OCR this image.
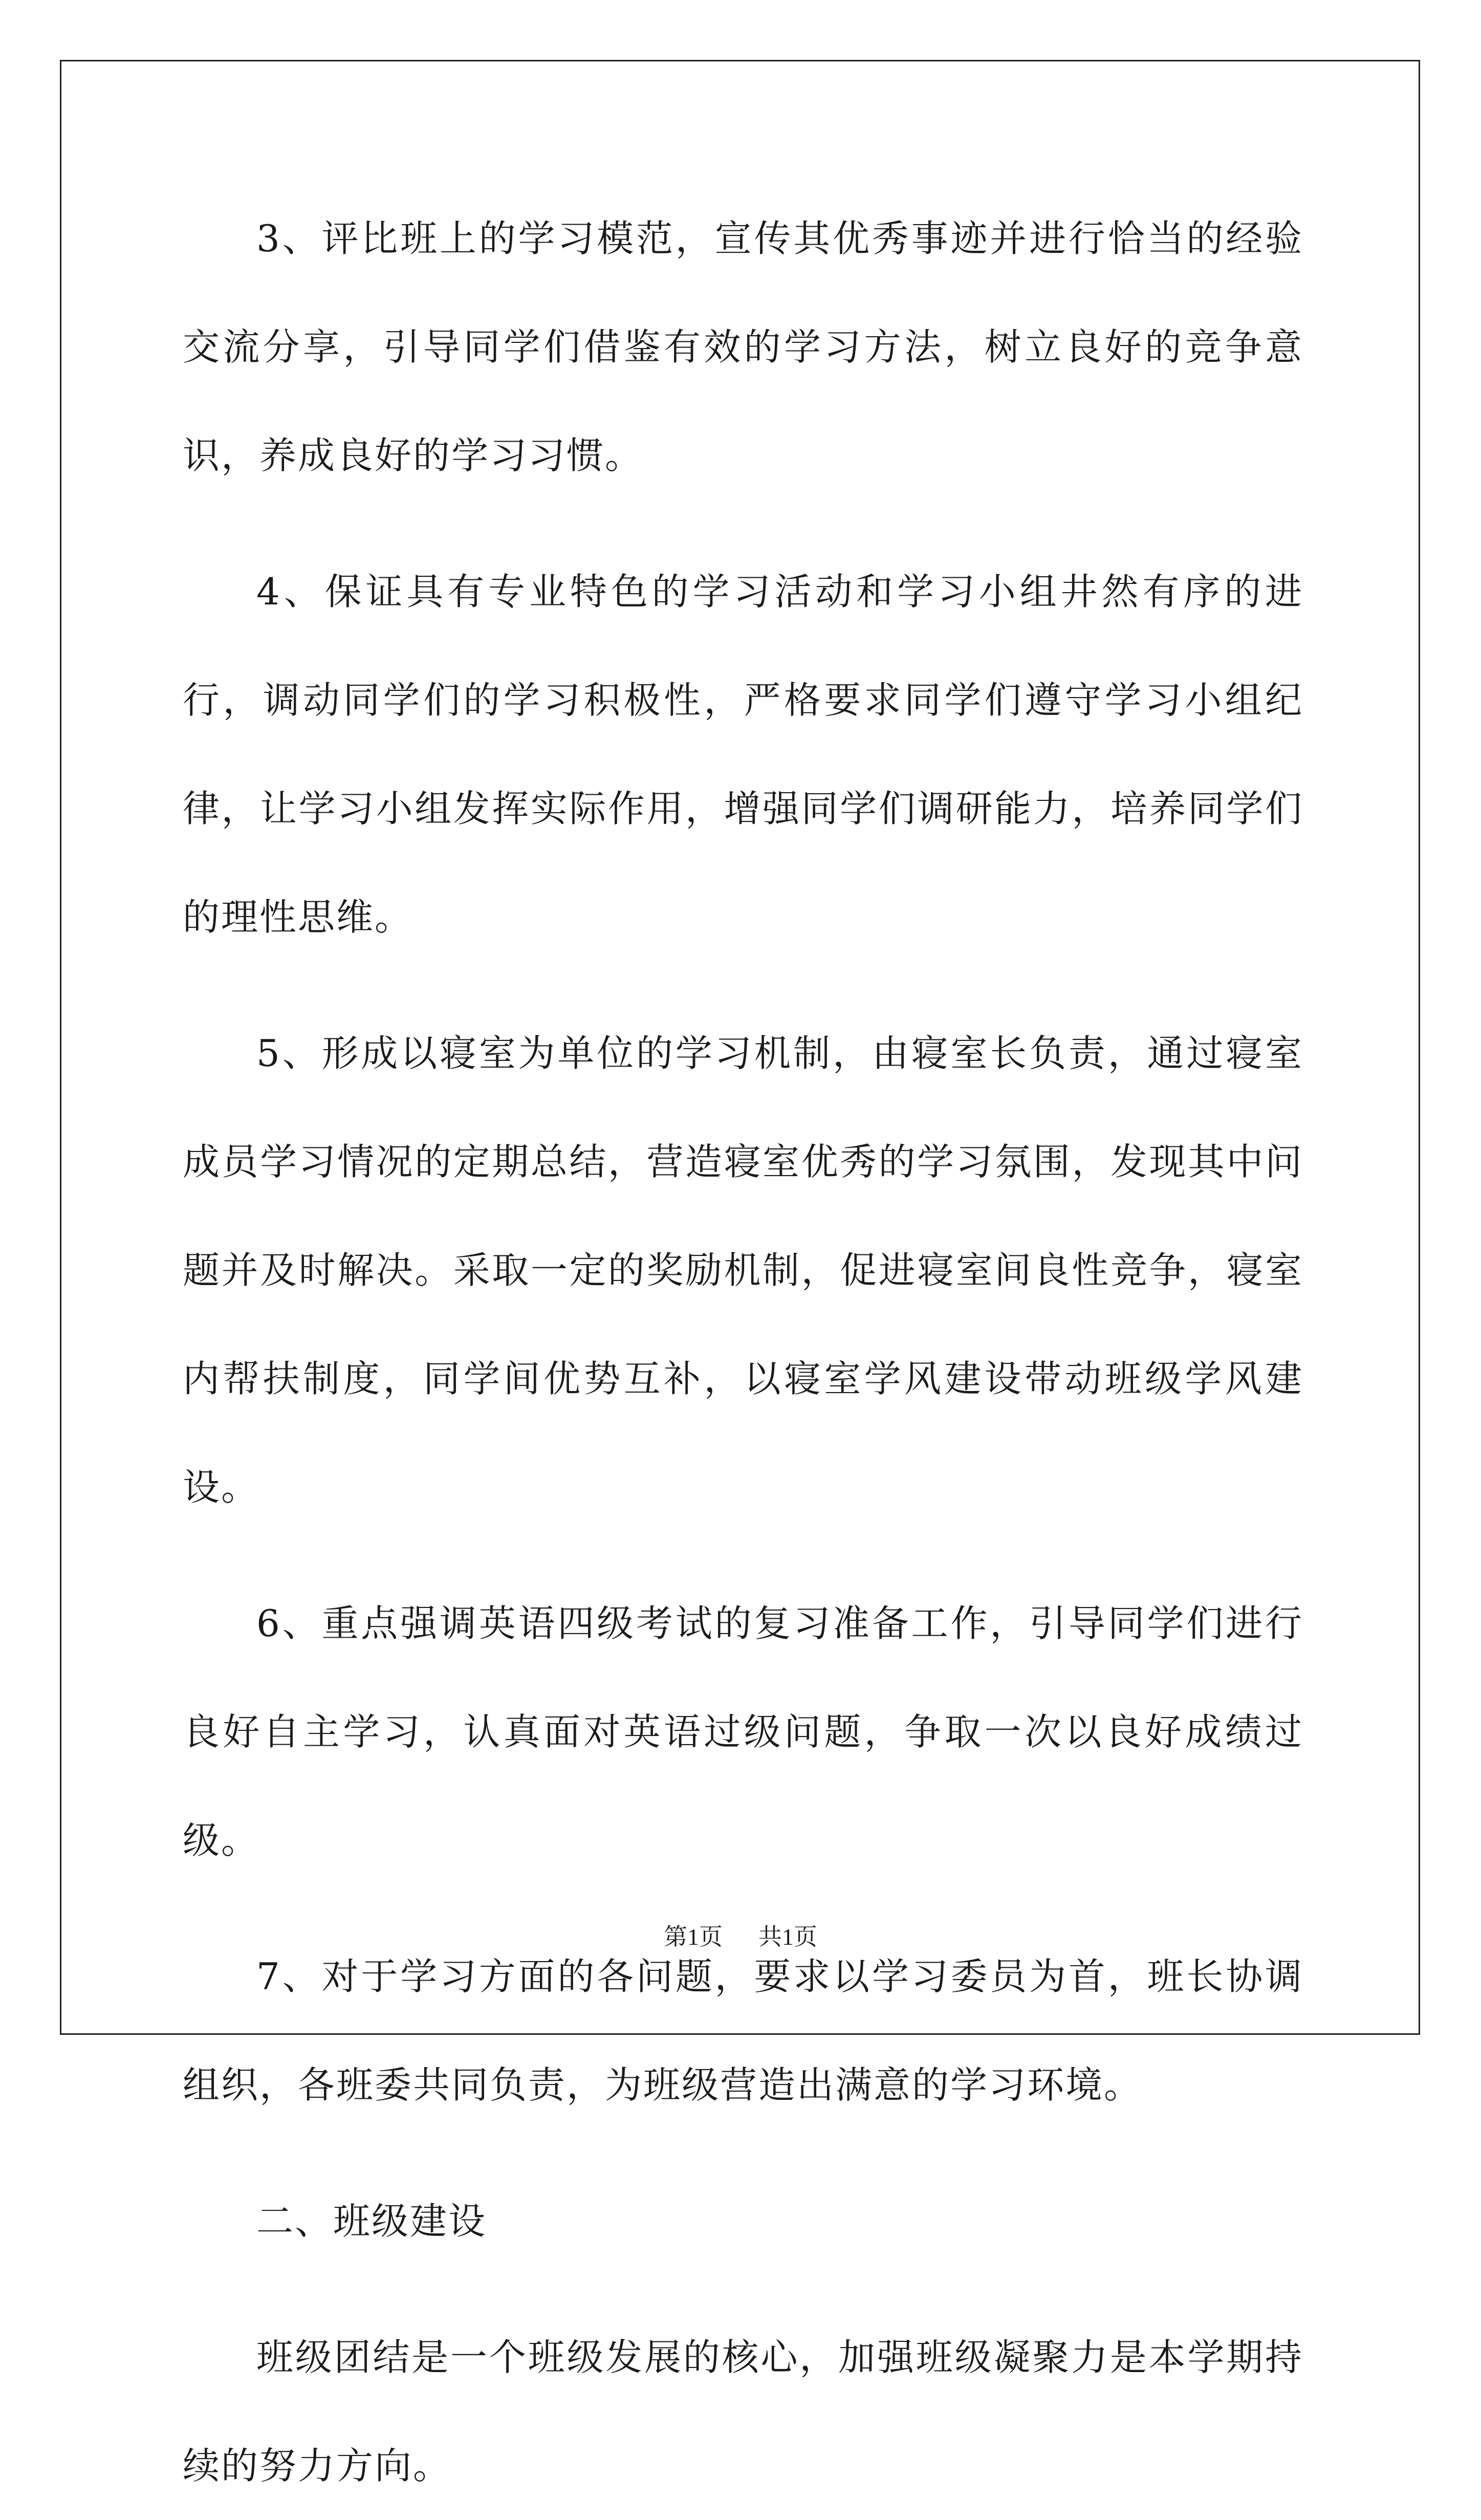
3、评比班上的学习模范，宣传其优秀事迹并进行恰当的经验交流分享，引导同学们借鉴有效的学习方法，树立良好的竞争意识，养成良好的学习习惯。

4、保证具有专业特色的学习活动和学习小组井然有序的进行，调动同学们的学习积极性，严格要求同学们遵守学习小组纪律，让学习小组发挥实际作用，增强同学们调研能力，培养同学们的理性思维。

5、形成以寝室为单位的学习机制，由寝室长负责，通过寝室成员学习情况的定期总结，营造寝室优秀的学习氛围，发现其中问题并及时解决。采取一定的奖励机制，促进寝室间良性竞争，寝室内帮扶制度，同学间优势互补，以寝室学风建设带动班级学风建设。

6、重点强调英语四级考试的复习准备工作，引导同学们进行良好自主学习，认真面对英语过级问题，争取一次以良好成绩过级。

7、对于学习方面的各问题，要求以学习委员为首，班长协调组织，各班委共同负责，为班级营造出满意的学习环境。

二、班级建设

班级团结是一个班级发展的核心，加强班级凝聚力是本学期持续的努力方向。

第1页 共1页
